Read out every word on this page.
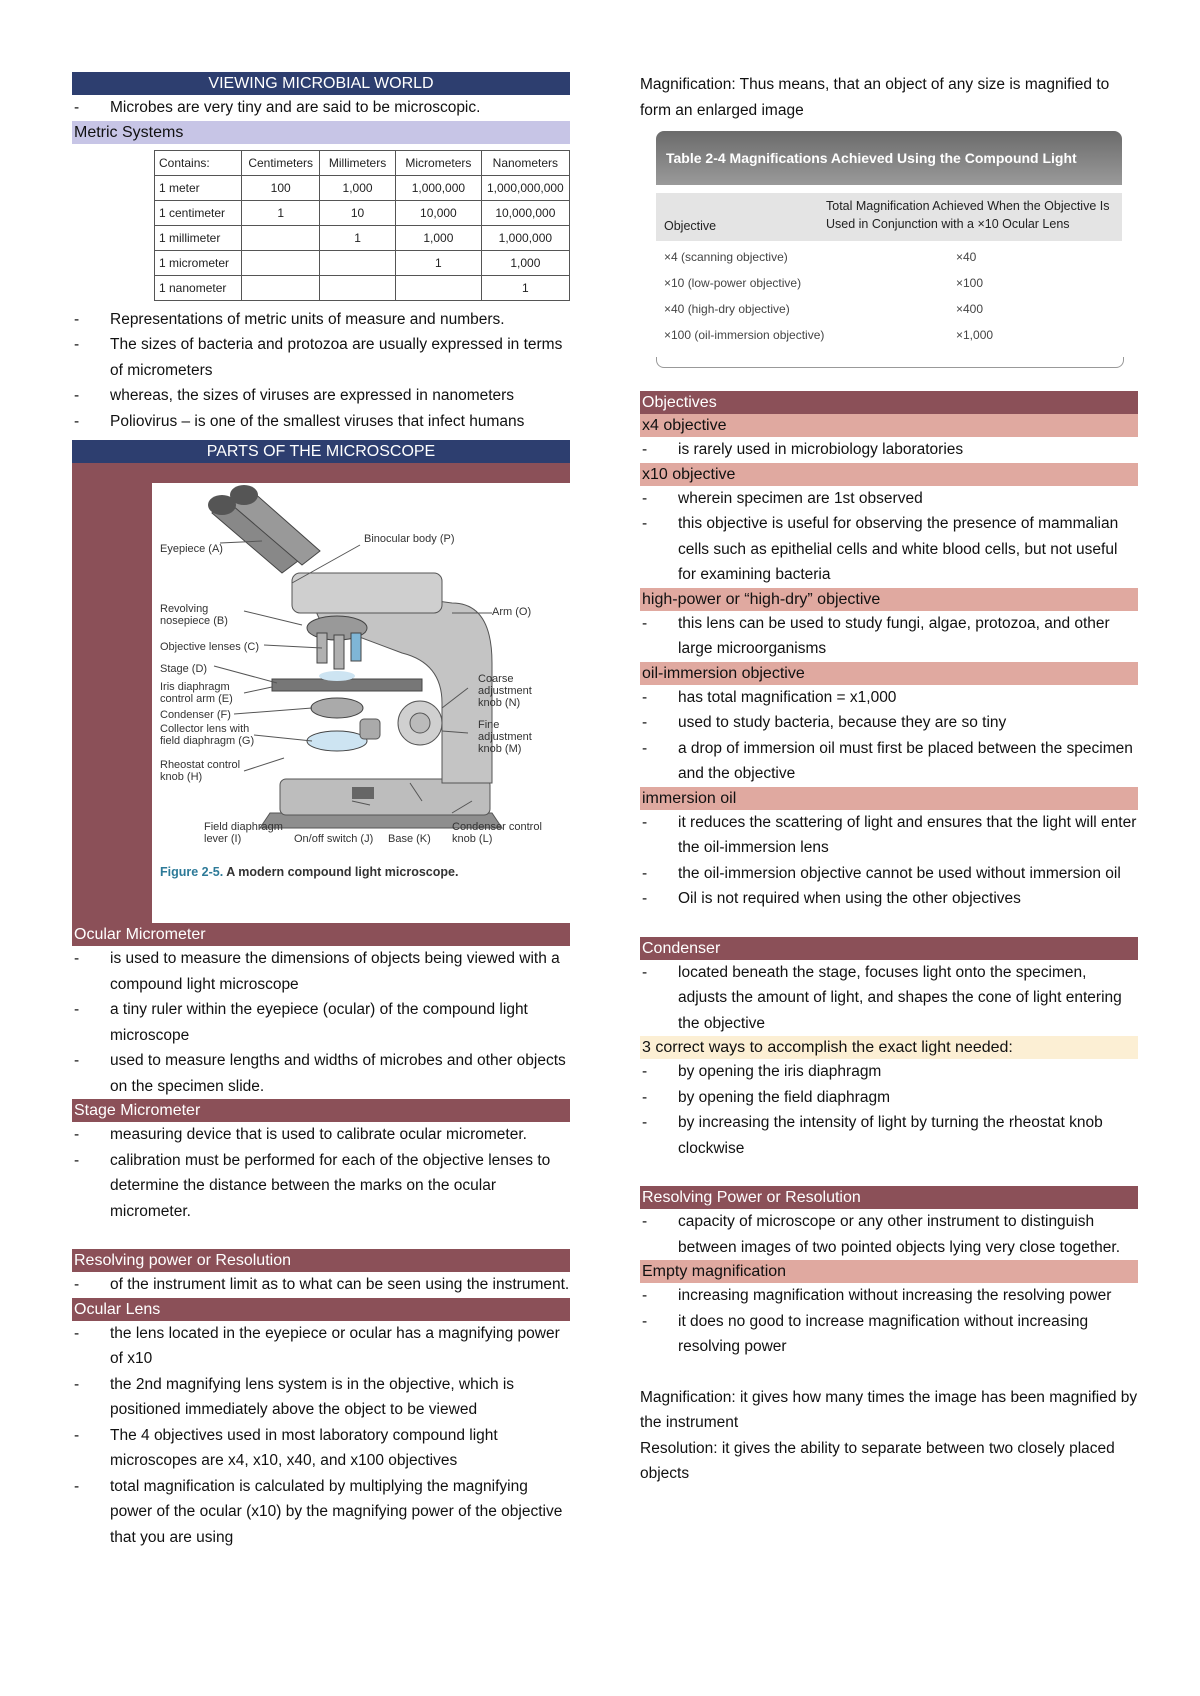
VIEWING MICROBIAL WORLD
- Microbes are very tiny and are said to be microscopic.
Metric Systems
Contains:	Centimeters	Millimeters	Micrometers	Nanometers
1 meter	100	1,000	1,000,000	1,000,000,000
1 centimeter	1	10	10,000	10,000,000
1 millimeter		1	1,000	1,000,000
1 micrometer			1	1,000
1 nanometer				1
- Representations of metric units of measure and numbers.
- The sizes of bacteria and protozoa are usually expressed in terms of micrometers
- whereas, the sizes of viruses are expressed in nanometers
- Poliovirus – is one of the smallest viruses that infect humans
PARTS OF THE MICROSCOPE
Eyepiece (A)
Binocular body (P)
Revolving nosepiece (B)
Arm (O)
Objective lenses (C)
Stage (D)
Iris diaphragm control arm (E)
Coarse adjustment knob (N)
Condenser (F)
Collector lens with field diaphragm (G)
Fine adjustment knob (M)
Rheostat control knob (H)
Field diaphragm lever (I)	On/off switch (J) Base (K)
Condenser control knob (L)
Figure 2-5. A modern compound light microscope.
Ocular Micrometer
- is used to measure the dimensions of objects being viewed with a compound light microscope
- a tiny ruler within the eyepiece (ocular) of the compound light microscope
- used to measure lengths and widths of microbes and other objects on the specimen slide.
Stage Micrometer
- measuring device that is used to calibrate ocular micrometer.
- calibration must be performed for each of the objective lenses to determine the distance between the marks on the ocular micrometer.
Resolving power or Resolution
- of the instrument limit as to what can be seen using the instrument.
Ocular Lens
- the lens located in the eyepiece or ocular has a magnifying power of x10
- the 2nd magnifying lens system is in the objective, which is positioned immediately above the object to be viewed
- The 4 objectives used in most laboratory compound light microscopes are x4, x10, x40, and x100 objectives
- total magnification is calculated by multiplying the magnifying power of the ocular (x10) by the magnifying power of the objective that you are using
Magnification: Thus means, that an object of any size is magnified to form an enlarged image
Table 2-4 Magnifications Achieved Using the Compound Light
Objective
Total Magnification Achieved When the Objective Is Used in Conjunction with a ×10 Ocular Lens
×4 (scanning objective)	×40
×10 (low-power objective)	×100
×40 (high-dry objective)	×400
×100 (oil-immersion objective)	×1,000
Objectives
x4 objective
- is rarely used in microbiology laboratories
x10 objective
- wherein specimen are 1st observed
- this objective is useful for observing the presence of mammalian cells such as epithelial cells and white blood cells, but not useful for examining bacteria
high-power or “high-dry” objective
- this lens can be used to study fungi, algae, protozoa, and other large microorganisms
oil-immersion objective
- has total magnification = x1,000
- used to study bacteria, because they are so tiny
- a drop of immersion oil must first be placed between the specimen and the objective
immersion oil
- it reduces the scattering of light and ensures that the light will enter the oil-immersion lens
- the oil-immersion objective cannot be used without immersion oil
- Oil is not required when using the other objectives
Condenser
- located beneath the stage, focuses light onto the specimen, adjusts the amount of light, and shapes the cone of light entering the objective
3 correct ways to accomplish the exact light needed:
- by opening the iris diaphragm
- by opening the field diaphragm
- by increasing the intensity of light by turning the rheostat knob clockwise
Resolving Power or Resolution
- capacity of microscope or any other instrument to distinguish between images of two pointed objects lying very close together.
Empty magnification
- increasing magnification without increasing the resolving power
- it does no good to increase magnification without increasing resolving power
Magnification: it gives how many times the image has been magnified by the instrument
Resolution: it gives the ability to separate between two closely placed objects
